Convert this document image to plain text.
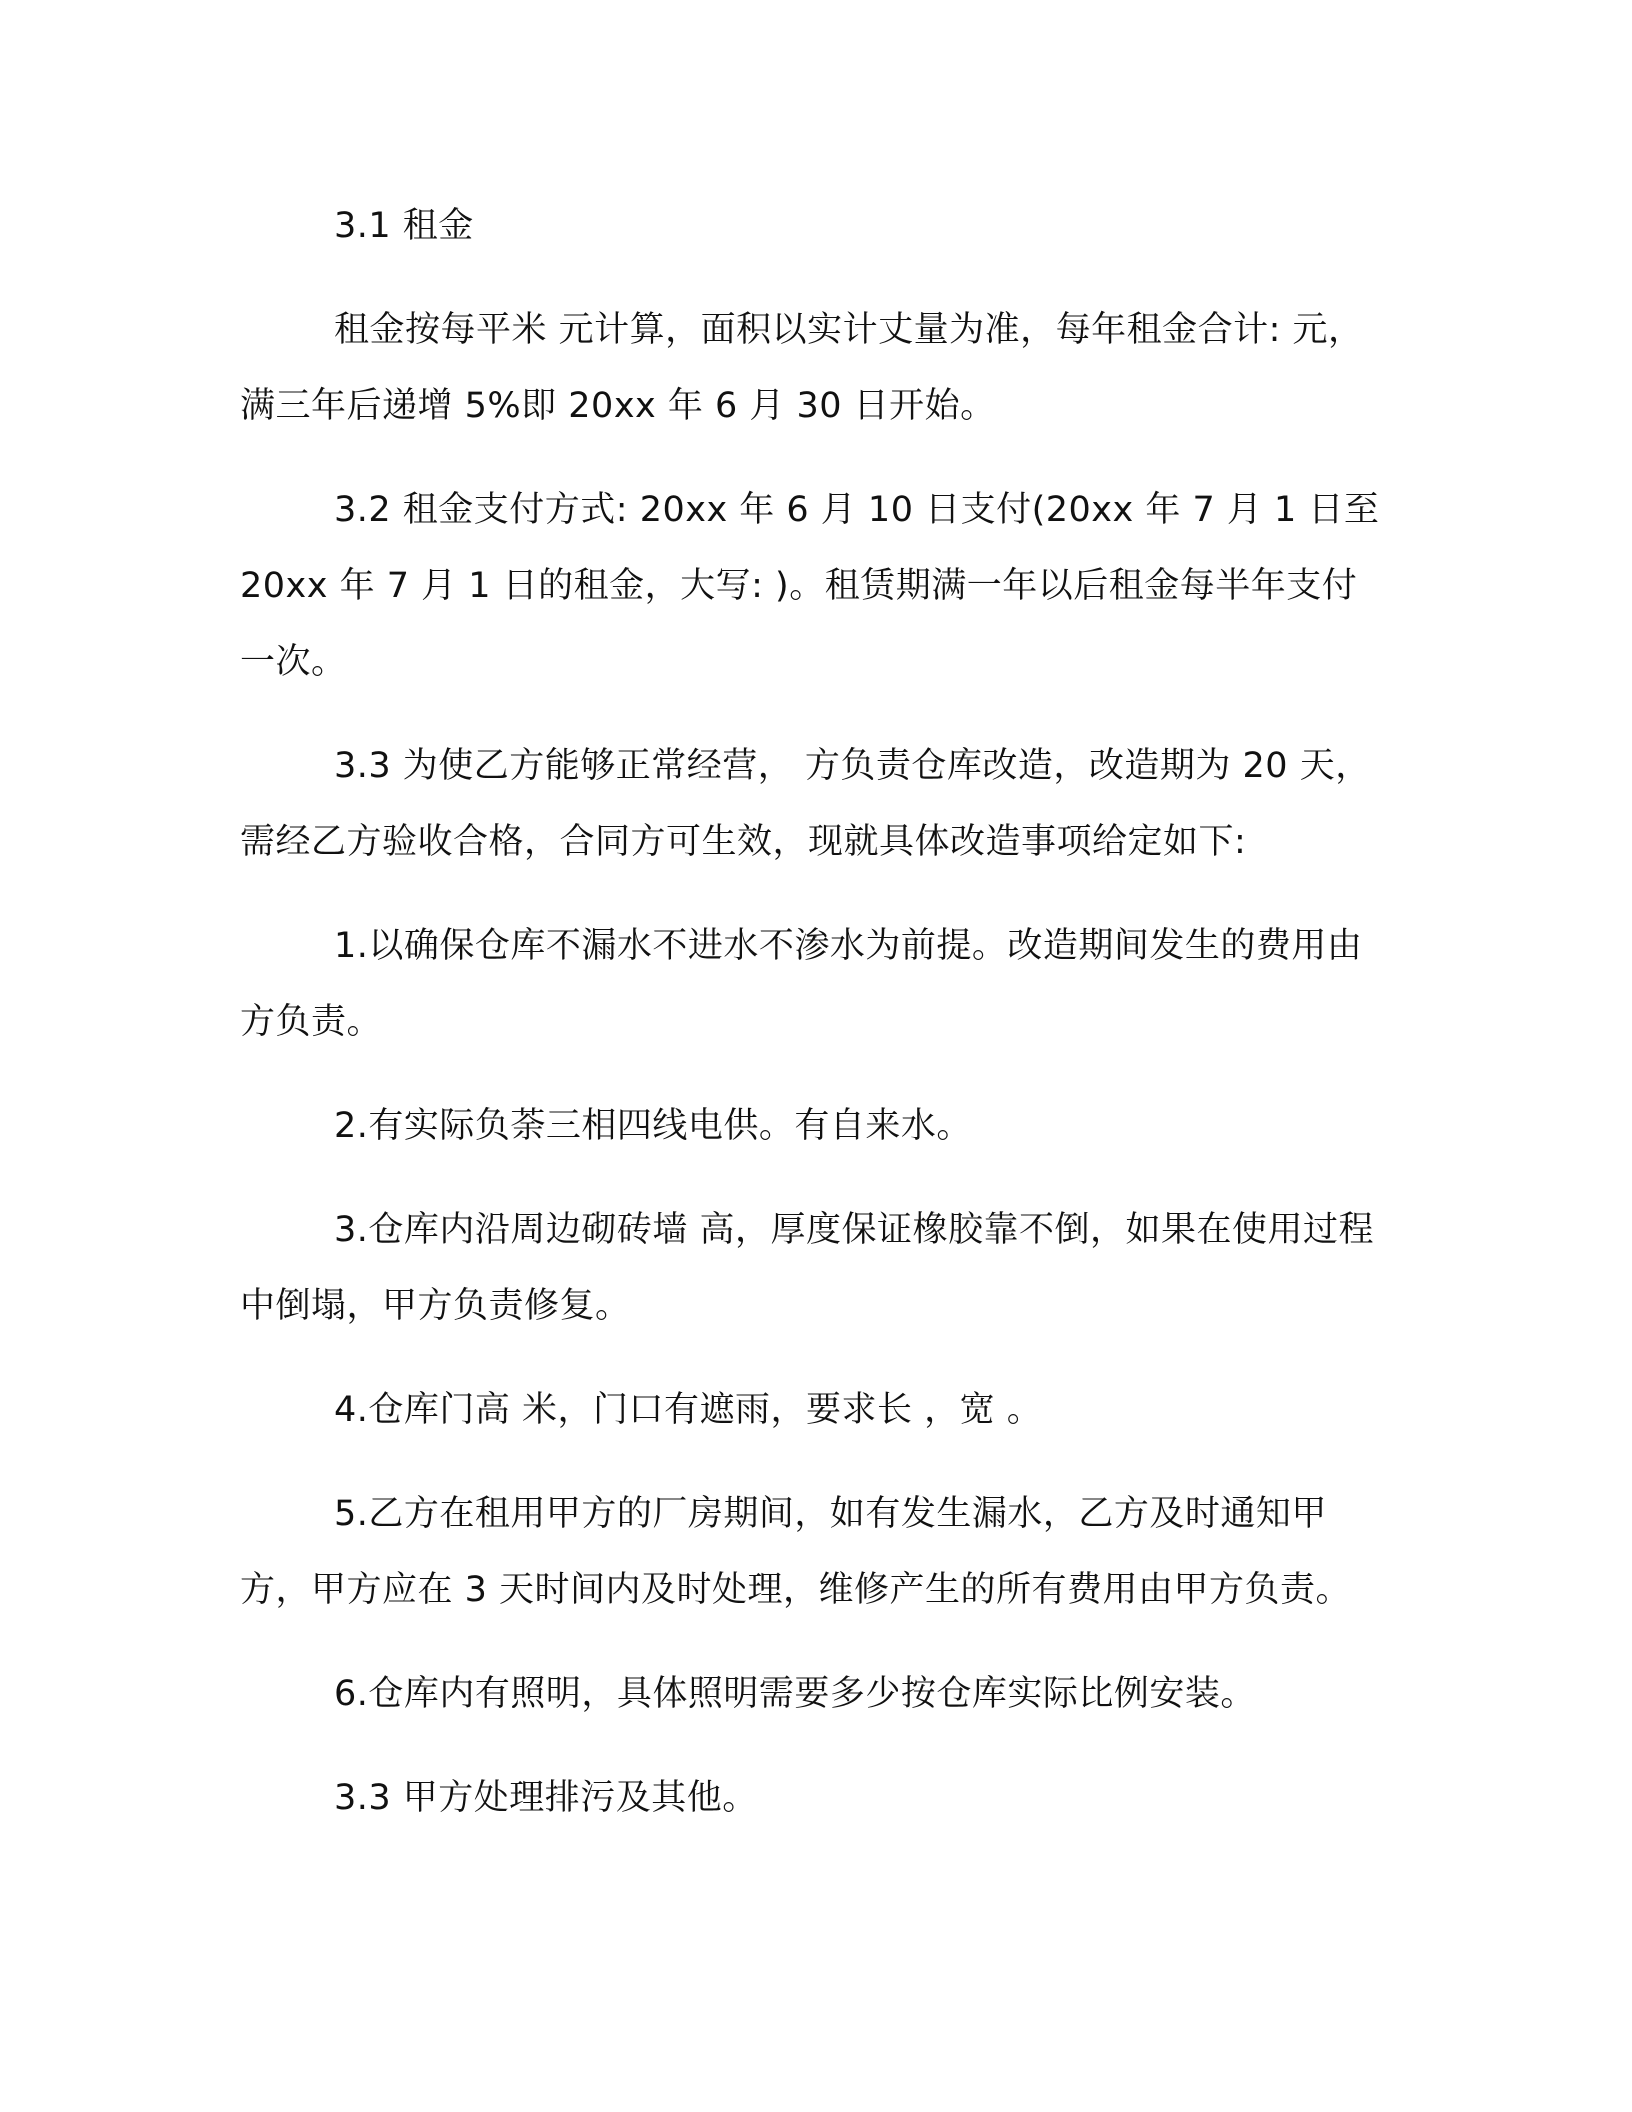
3.1 租金

租金按每平米 元计算，面积以实计丈量为准，每年租金合计: 元，满三年后递增 5%即 20xx 年 6 月 30 日开始。

3.2 租金支付方式: 20xx 年 6 月 10 日支付(20xx 年 7 月 1 日至 20xx 年 7 月 1 日的租金，大写: )。租赁期满一年以后租金每半年支付一次。

3.3 为使乙方能够正常经营， 方负责仓库改造，改造期为 20 天，需经乙方验收合格，合同方可生效，现就具体改造事项给定如下:

1.以确保仓库不漏水不进水不渗水为前提。改造期间发生的费用由 方负责。

2.有实际负荼三相四线电供。有自来水。

3.仓库内沿周边砌砖墙 高，厚度保证橡胶靠不倒，如果在使用过程中倒塌，甲方负责修复。

4.仓库门高 米，门口有遮雨，要求长 ，宽 。

5.乙方在租用甲方的厂房期间，如有发生漏水，乙方及时通知甲方，甲方应在 3 天时间内及时处理，维修产生的所有费用由甲方负责。

6.仓库内有照明，具体照明需要多少按仓库实际比例安装。

3.3 甲方处理排污及其他。
